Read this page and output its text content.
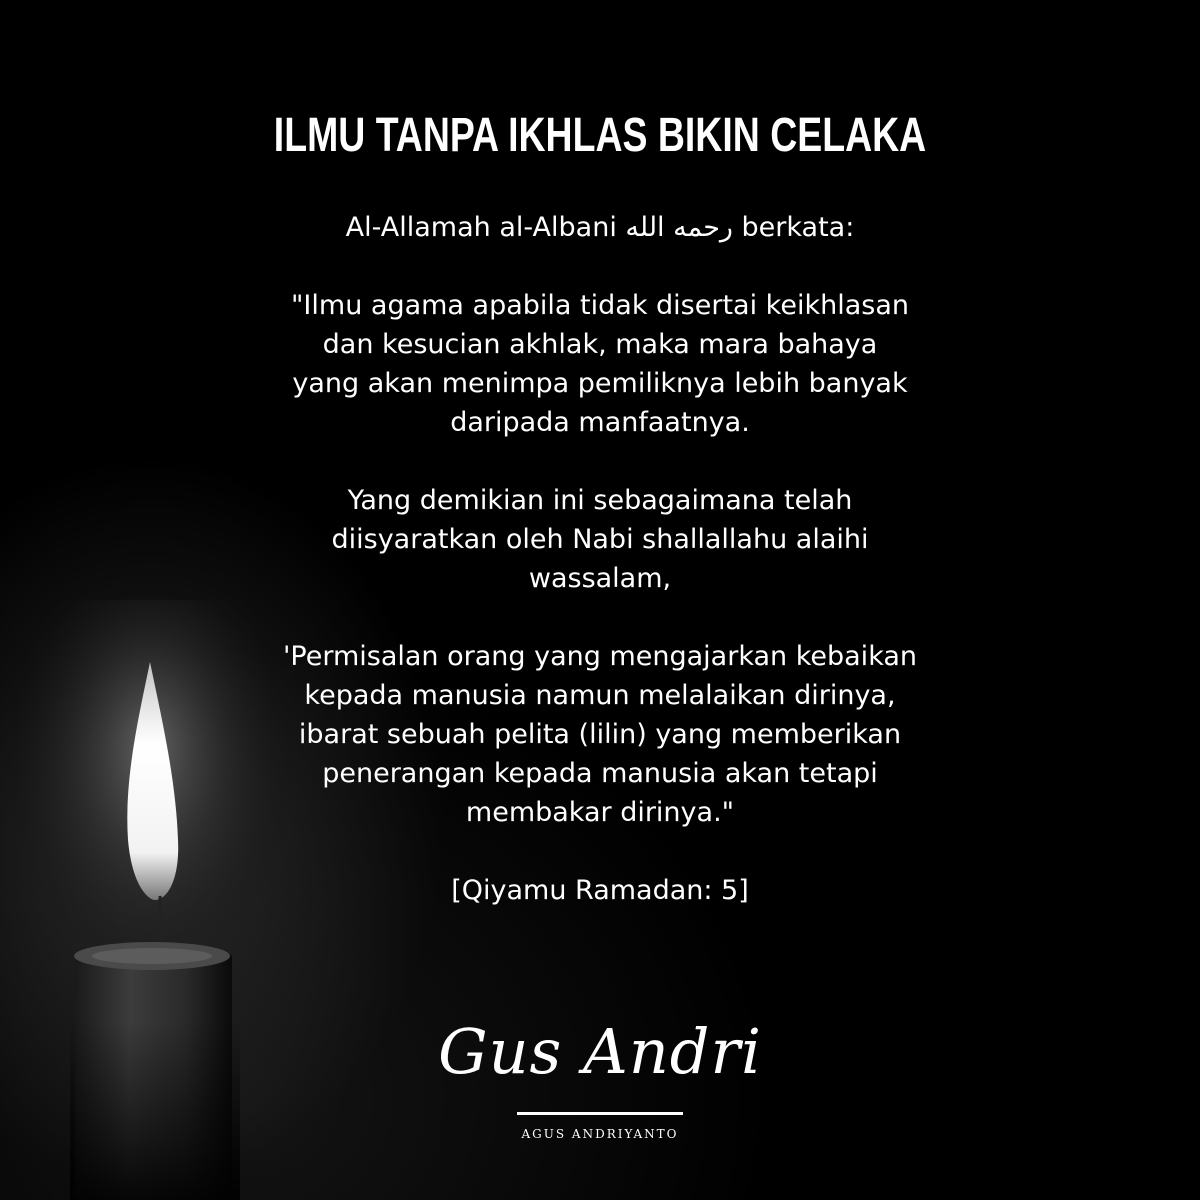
ILMU TANPA IKHLAS BIKIN CELAKA
Al-Allamah al-Albani رحمه الله berkata:
"Ilmu agama apabila tidak disertai keikhlasan
dan kesucian akhlak, maka mara bahaya
yang akan menimpa pemiliknya lebih banyak
daripada manfaatnya.
Yang demikian ini sebagaimana telah
diisyaratkan oleh Nabi shallallahu alaihi
wassalam,
'Permisalan orang yang mengajarkan kebaikan
kepada manusia namun melalaikan dirinya,
ibarat sebuah pelita (lilin) yang memberikan
penerangan kepada manusia akan tetapi
membakar dirinya."
[Qiyamu Ramadan: 5]
Gus Andri
AGUS ANDRIYANTO
